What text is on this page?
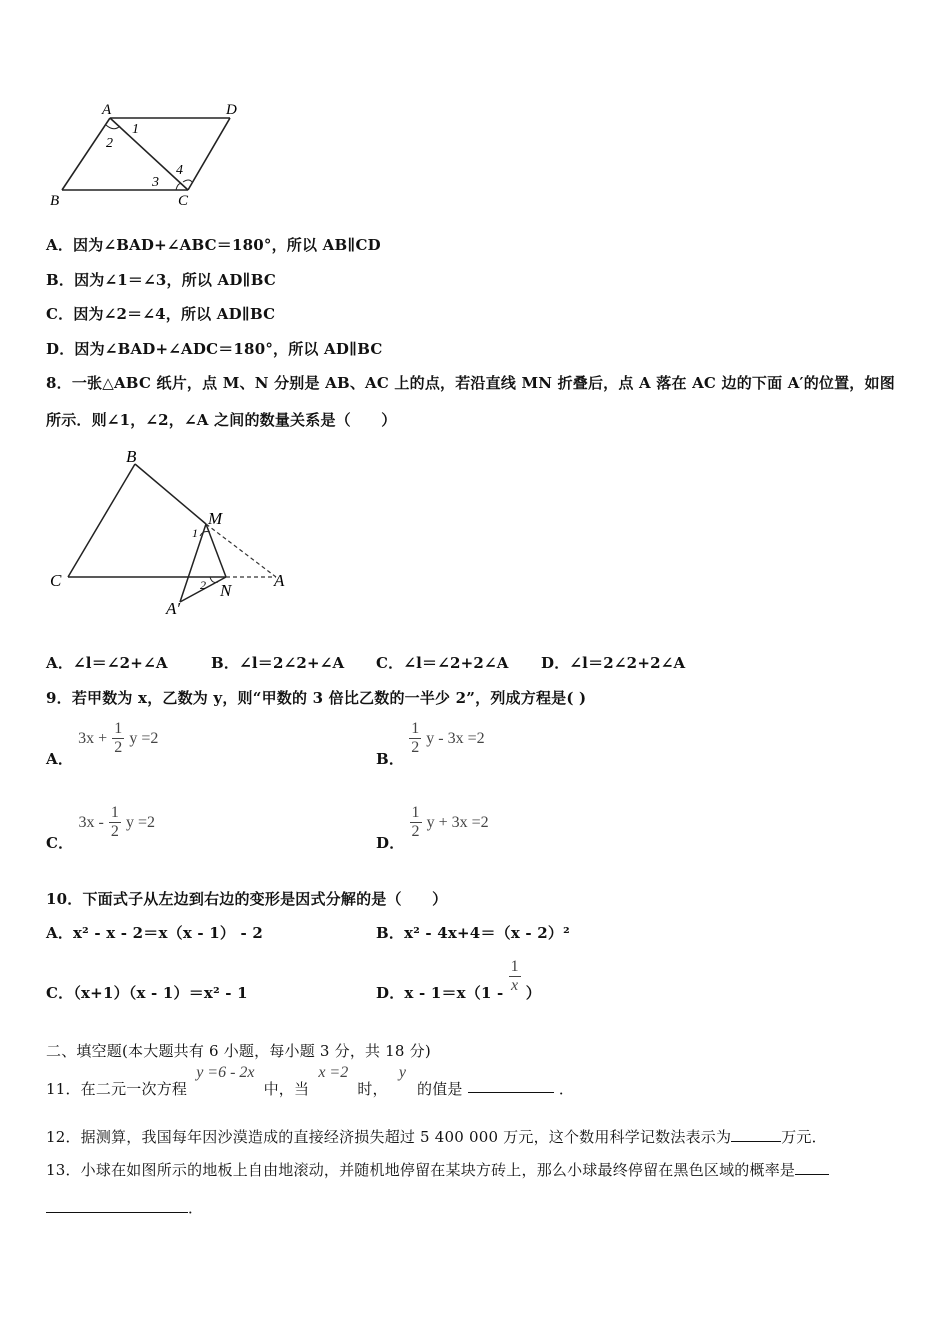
A	D
B	C
1
2
3
4
A．因为∠BAD+∠ABC＝180°，所以 AB∥CD
B．因为∠1＝∠3，所以 AD∥BC
C．因为∠2＝∠4，所以 AD∥BC
D．因为∠BAD+∠ADC＝180°，所以 AD∥BC
8．一张△ABC 纸片，点 M、N 分别是 AB、AC 上的点，若沿直线 MN 折叠后，点 A 落在 AC 边的下面 A′的位置，如图
所示．则∠1，∠2，∠A 之间的数量关系是（　　）
B
M
C
N
A
A′
1
2
A．∠l＝∠2+∠A	B．∠l＝2∠2+∠A C．∠l＝∠2+2∠A D．∠l＝2∠2+2∠A
9．若甲数为 x，乙数为 y，则“甲数的 3 倍比乙数的一半少 2”，列成方程是( )
A． $3x + \frac{1}{2}$ y =2
B．
$\frac{1}{2}$ y - 3x =2
C． $3x - \frac{1}{2}$ y =2
D．
$\frac{1}{2}$ y + 3x =2
10．下面式子从左边到右边的变形是因式分解的是（　　）
A．x² - x - 2＝x（x - 1） - 2	B．x² - 4x+4＝（x - 2）²
C．（x+1）（x - 1）＝x² - 1	D．$x - 1=x(1 - \frac{1}{x}$ ）
二、填空题(本大题共有 6 小题，每小题 3 分，共 18 分)
11．在二元一次方程 y =6 - 2x 中，当 x =2 时， y 的值是	．
12．据测算，我国每年因沙漠造成的直接经济损失超过 5 400 000 万元，这个数用科学记数法表示为	万元．
13．小球在如图所示的地板上自由地滚动，并随机地停留在某块方砖上，那么小球最终停留在黑色区域的概率是
．
